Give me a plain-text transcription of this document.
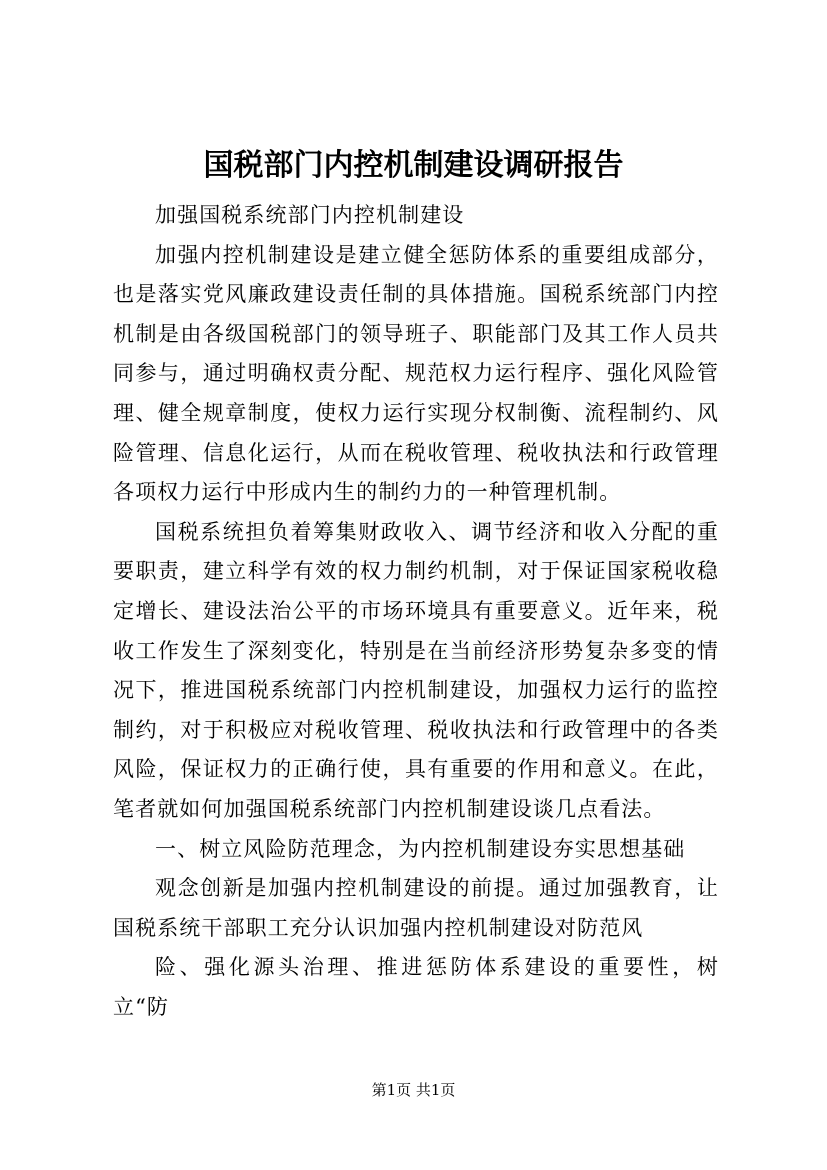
国税部门内控机制建设调研报告

加强国税系统部门内控机制建设

加强内控机制建设是建立健全惩防体系的重要组成部分，也是落实党风廉政建设责任制的具体措施。国税系统部门内控机制是由各级国税部门的领导班子、职能部门及其工作人员共同参与，通过明确权责分配、规范权力运行程序、强化风险管理、健全规章制度，使权力运行实现分权制衡、流程制约、风险管理、信息化运行，从而在税收管理、税收执法和行政管理各项权力运行中形成内生的制约力的一种管理机制。

国税系统担负着筹集财政收入、调节经济和收入分配的重要职责，建立科学有效的权力制约机制，对于保证国家税收稳定增长、建设法治公平的市场环境具有重要意义。近年来，税收工作发生了深刻变化，特别是在当前经济形势复杂多变的情况下，推进国税系统部门内控机制建设，加强权力运行的监控制约，对于积极应对税收管理、税收执法和行政管理中的各类风险，保证权力的正确行使，具有重要的作用和意义。在此，笔者就如何加强国税系统部门内控机制建设谈几点看法。

一、树立风险防范理念，为内控机制建设夯实思想基础

观念创新是加强内控机制建设的前提。通过加强教育，让国税系统干部职工充分认识加强内控机制建设对防范风

险、强化源头治理、推进惩防体系建设的重要性，树立“防

第1页 共1页
